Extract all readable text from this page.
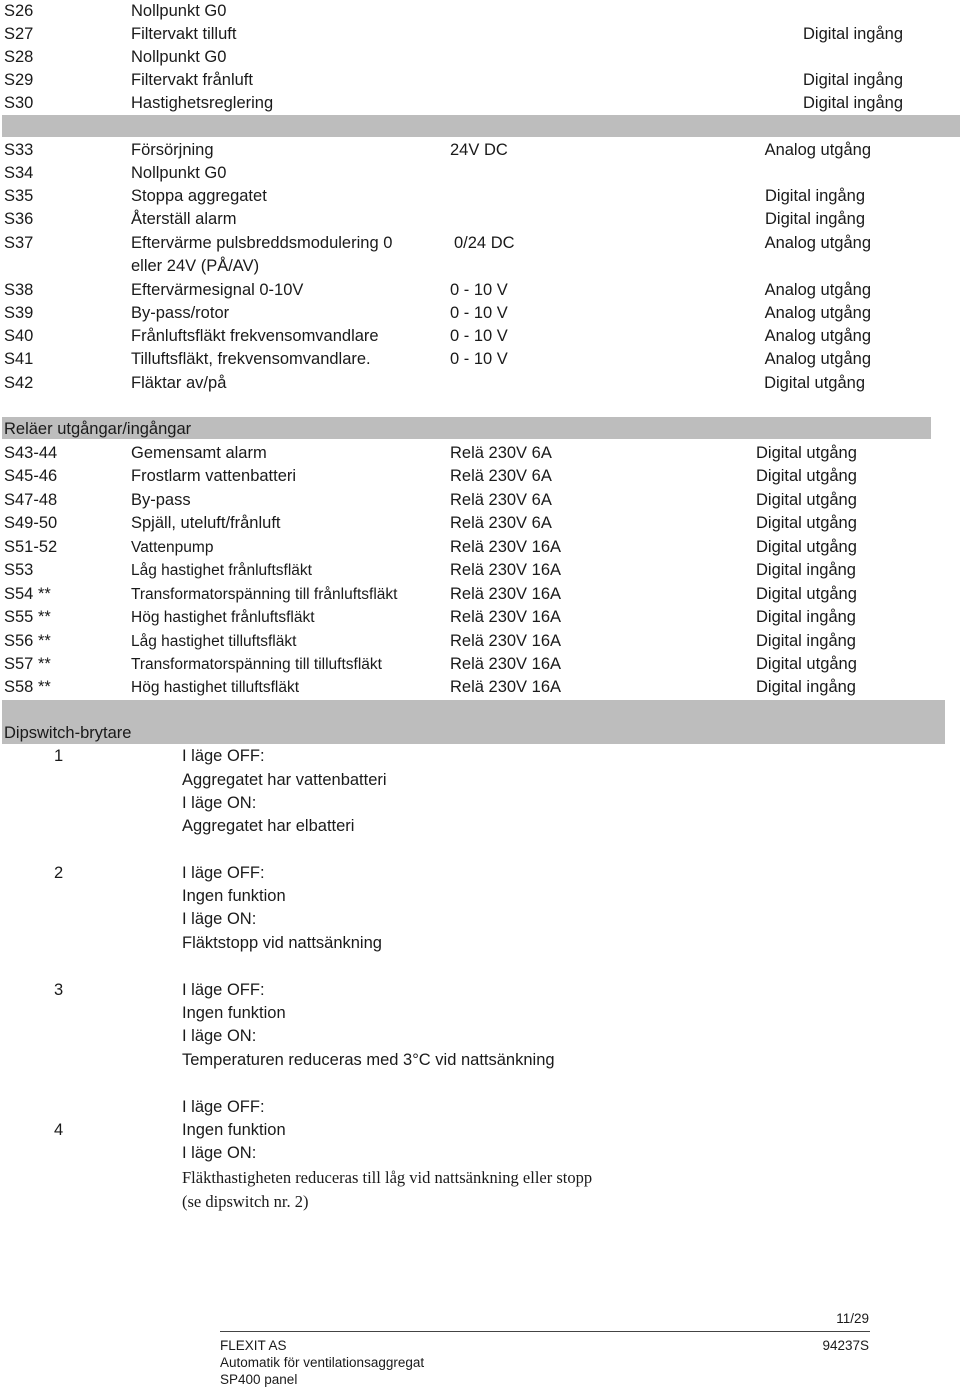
S26	Nollpunkt G0
S27	Filtervakt tilluft	Digital ingång
S28	Nollpunkt G0
S29	Filtervakt frånluft	Digital ingång
S30	Hastighetsreglering	Digital ingång
S33	Försörjning	24V DC	Analog utgång
S34	Nollpunkt G0
S35	Stoppa aggregatet	Digital ingång
S36	Återställ alarm	Digital ingång
S37	Eftervärme pulsbreddsmodulering 0	0/24 DC	Analog utgång
eller 24V (PÅ/AV)
S38	Eftervärmesignal 0-10V	0 - 10 V	Analog utgång
S39	By-pass/rotor	0 - 10 V	Analog utgång
S40	Frånluftsfläkt frekvensomvandlare	0 - 10 V	Analog utgång
S41	Tilluftsfläkt, frekvensomvandlare.	0 - 10 V	Analog utgång
S42	Fläktar av/på	Digital utgång
Reläer utgångar/ingångar
S43-44	Gemensamt alarm	Relä 230V 6A	Digital utgång
S45-46	Frostlarm vattenbatteri	Relä 230V 6A	Digital utgång
S47-48	By-pass	Relä 230V 6A	Digital utgång
S49-50	Spjäll, uteluft/frånluft	Relä 230V 6A	Digital utgång
S51-52	Vattenpump	Relä 230V 16A	Digital utgång
S53	Låg hastighet frånluftsfläkt	Relä 230V 16A	Digital ingång
S54 **	Transformatorspänning till frånluftsfläkt	Relä 230V 16A	Digital utgång
S55 **	Hög hastighet frånluftsfläkt	Relä 230V 16A	Digital ingång
S56 **	Låg hastighet tilluftsfläkt	Relä 230V 16A	Digital ingång
S57 **	Transformatorspänning till tilluftsfläkt	Relä 230V 16A	Digital utgång
S58 **	Hög hastighet tilluftsfläkt	Relä 230V 16A	Digital ingång
Dipswitch-brytare
1	I läge OFF:
Aggregatet har vattenbatteri
I läge ON:
Aggregatet har elbatteri
2	I läge OFF:
Ingen funktion
I läge ON:
Fläktstopp vid nattsänkning
3	I läge OFF:
Ingen funktion
I läge ON:
Temperaturen reduceras med 3°C vid nattsänkning
4
I läge OFF:
Ingen funktion
I läge ON:
Fläkthastigheten reduceras till låg vid nattsänkning eller stopp
(se dipswitch nr. 2)
11/29
FLEXIT AS
Automatik för ventilationsaggregat
SP400 panel
94237S
